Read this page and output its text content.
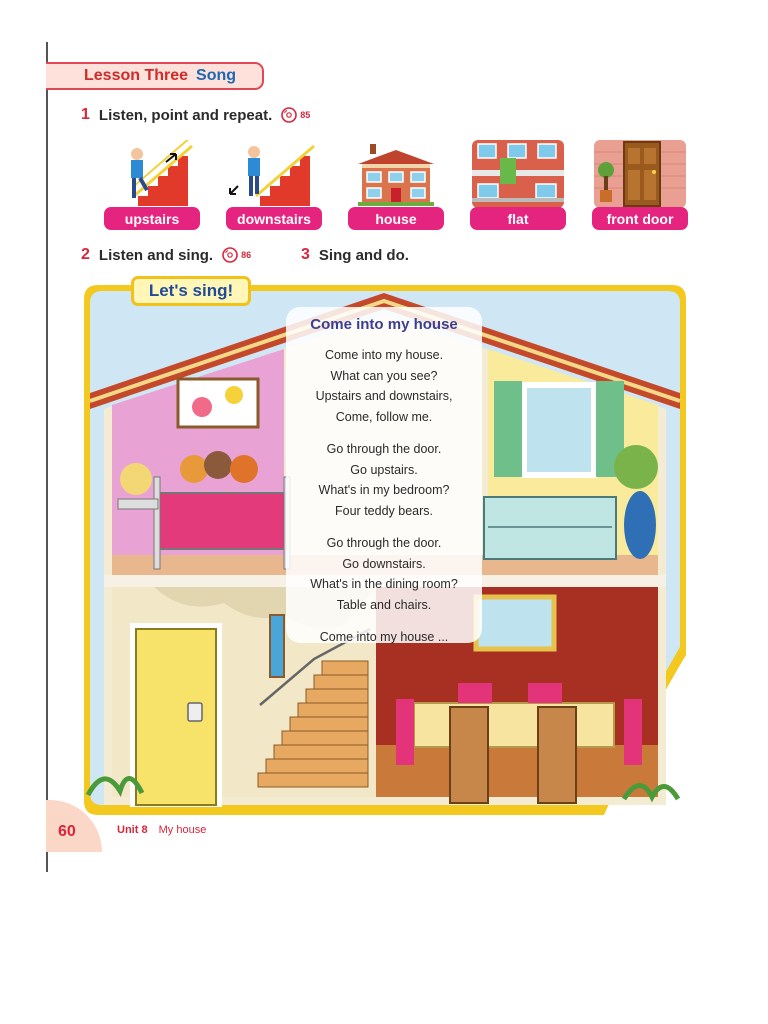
Lesson Three Song
1 Listen, point and repeat.	85
upstairs	downstairs	house	flat	front door
2 Listen and sing.	86	3 Sing and do.
Let's sing!
Come into my house
Come into my house.
What can you see?
Upstairs and downstairs,
Come, follow me.
Go through the door.
Go upstairs.
What's in my bedroom?
Four teddy bears.
Go through the door.
Go downstairs.
What's in the dining room?
Table and chairs.
Come into my house ...
60	Unit 8 My house
